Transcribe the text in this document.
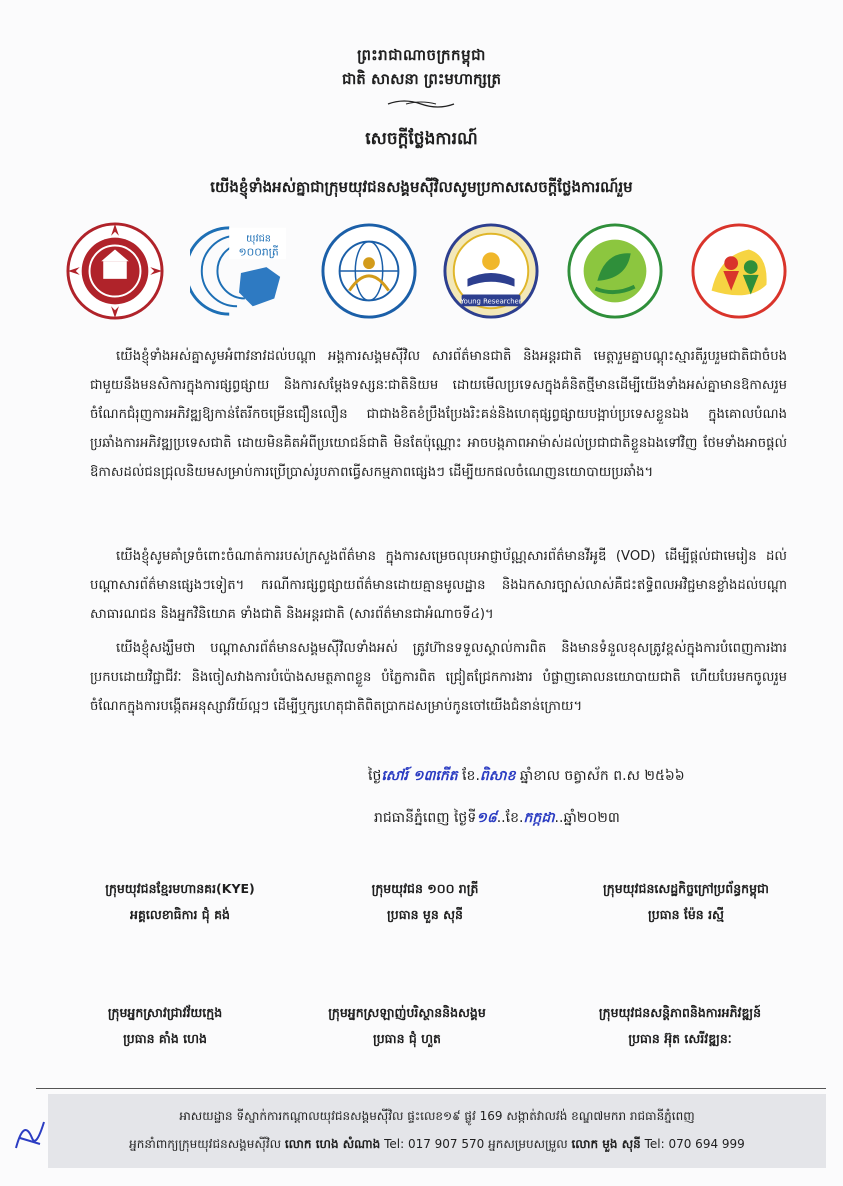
ព្រះរាជាណាចក្រកម្ពុជា
ជាតិ សាសនា ព្រះមហាក្សត្រ
សេចក្តីថ្លែងការណ៍
យើងខ្ញុំទាំងអស់គ្នាជាក្រុមយុវជនសង្គមស៊ីវិលសូមប្រកាសសេចក្តីថ្លែងការណ៍រួម
យុវជន
១០០រាត្រី
Young Researcher

យើងខ្ញុំទាំងអស់គ្នាសូមអំពាវនាវដល់បណ្តា អង្គការសង្គមស៊ីវិល សារព័ត៌មានជាតិ និងអន្តរជាតិ មេត្តារួមគ្នាបណ្តុះស្មារតីរួបរួមជាតិជាចំបង ជាមួយនឹងមនសិការក្នុងការផ្សព្វផ្សាយ និងការសម្តែងទស្សនៈជាតិនិយម ដោយមើលប្រទេសក្នុងគំនិតថ្មីមានដើម្បីយើងទាំងអស់គ្នាមានឱកាសរួមចំណែកជំរុញការអភិវឌ្ឍឱ្យកាន់តែរីកចម្រើនជឿនលឿន ជាជាងខិតខំប្រឹងប្រែងរិះគន់និងហេតុផ្សព្វផ្សាយបង្អាប់ប្រទេសខ្លួនឯង ក្នុងគោលបំណងប្រឆាំងការអភិវឌ្ឍប្រទេសជាតិ ដោយមិនគិតអំពីប្រយោជន៍ជាតិ មិនតែប៉ុណ្ណោះ អាចបង្កភាពអាម៉ាស់ដល់ប្រជាជាតិខ្លួនឯងទៅវិញ ថែមទាំងអាចផ្តល់ឱកាសដល់ជនជ្រុលនិយមសម្រាប់ការប្រើប្រាស់រូបភាពធ្វើសកម្មភាពផ្សេងៗ ដើម្បីយកផលចំណេញនយោបាយប្រឆាំង។

យើងខ្ញុំសូមគាំទ្រចំពោះចំណាត់ការរបស់ក្រសួងព័ត៌មាន ក្នុងការសម្រេចលុបអាជ្ញាប័ណ្ណសារព័ត៌មានវីអូឌី (VOD) ដើម្បីផ្តល់ជាមេរៀន ដល់បណ្តាសារព័ត៌មានផ្សេងៗទៀត។ ករណីការផ្សព្វផ្សាយព័ត៌មានដោយគ្មានមូលដ្ឋាន និងឯកសារច្បាស់លាស់គឺជះឥទ្ធិពលអវិជ្ជមានខ្លាំងដល់បណ្តាសាធារណជន និងអ្នកវិនិយោគ ទាំងជាតិ និងអន្តរជាតិ (សារព័ត៌មានជាអំណាចទី៤)។

យើងខ្ញុំសង្ឃឹមថា បណ្តាសារព័ត៌មានសង្គមស៊ីវិលទាំងអស់ ត្រូវហ៊ានទទួលស្គាល់ការពិត និងមានទំនួលខុសត្រូវខ្ពស់ក្នុងការបំពេញការងារប្រកបដោយវិជ្ជាជីវៈ និងចៀសវាងការបំប៉ោងសមត្ថភាពខ្លួន បំភ្លៃការពិត ជ្រៀតជ្រែកការងារ បំផ្លាញគោលនយោបាយជាតិ ហើយបែរមកចូលរួមចំណែកក្នុងការបង្កើតអនុស្សាវរីយ៍ល្អៗ ដើម្បីឬក្សហេតុជាតិពិតប្រាកដសម្រាប់កូនចៅយើងជំនាន់ក្រោយ។

ថ្ងៃសៅរ៍ ១៣កើត ខែ.ពិសាខ ឆ្នាំខាល ចត្វាស័ក ព.ស ២៥៦៦
រាជធានីភ្នំពេញ ថ្ងៃទី១៨..ខែ.កក្កដា..ឆ្នាំ២០២៣
ក្រុមយុវជនខ្មែរមហានគរ(KYE)
អគ្គលេខាធិការ ជុំ គង់
ក្រុមយុវជន ១០០ រាត្រី
ប្រធាន មួន សុនី
ក្រុមយុវជនសេដ្ឋកិច្ចក្រៅប្រព័ន្ធកម្ពុជា
ប្រធាន ម៉ែន រស្មី
ក្រុមអ្នកស្រាវជ្រាវវ័យក្មេង
ប្រធាន គាំង ហេង
ក្រុមអ្នកស្រឡាញ់បរិស្ថាននិងសង្គម
ប្រធាន ជុំ ហួត
ក្រុមយុវជនសន្តិភាពនិងការអភិវឌ្ឍន៍
ប្រធាន អ៊ុត សេរីវឌ្ឍនៈ
អាសយដ្ឋាន ទីស្នាក់ការកណ្តាលយុវជនសង្គមស៊ីវិល ផ្ទះលេខ១៩ ផ្លូវ 169 សង្កាត់វាលវង់ ខណ្ឌ៧មករា រាជធានីភ្នំពេញ
អ្នកនាំពាក្យក្រុមយុវជនសង្គមស៊ីវិល លោក ហេង សំណាង Tel: 017 907 570 អ្នកសម្របសម្រួល លោក មួង សុនី Tel: 070 694 999
